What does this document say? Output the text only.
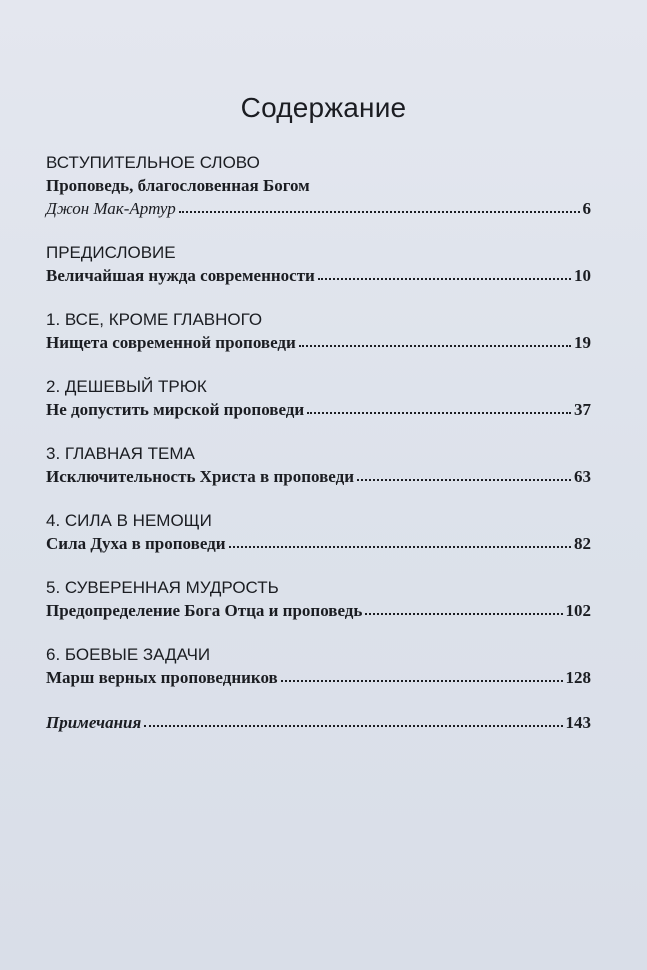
Содержание
ВСТУПИТЕЛЬНОЕ СЛОВО
Проповедь, благословенная Богом
Джон Мак-Артур	6
ПРЕДИСЛОВИЕ
Величайшая нужда современности	10
1. ВСЕ, КРОМЕ ГЛАВНОГО
Нищета современной проповеди	19
2. ДЕШЕВЫЙ ТРЮК
Не допустить мирской проповеди	37
3. ГЛАВНАЯ ТЕМА
Исключительность Христа в проповеди	63
4. СИЛА В НЕМОЩИ
Сила Духа в проповеди	82
5. СУВЕРЕННАЯ МУДРОСТЬ
Предопределение Бога Отца и проповедь	102
6. БОЕВЫЕ ЗАДАЧИ
Марш верных проповедников	128
Примечания	143
